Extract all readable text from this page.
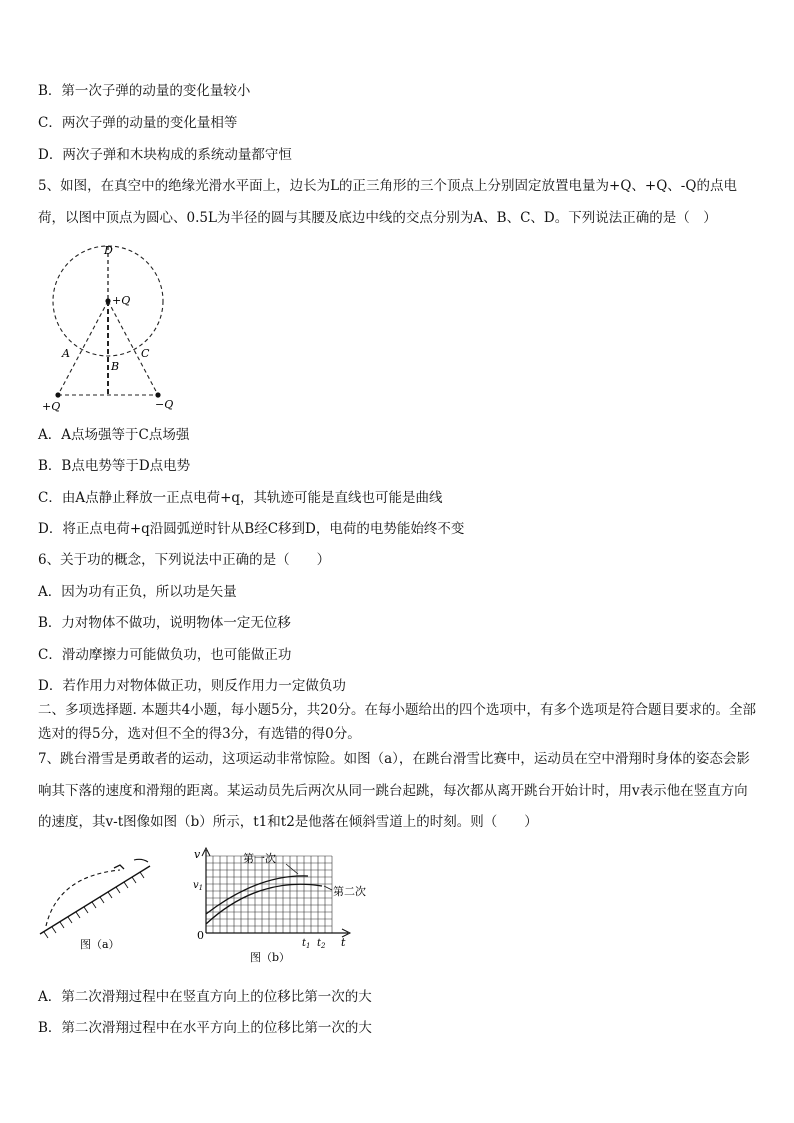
B．第一次子弹的动量的变化量较小
C．两次子弹的动量的变化量相等
D．两次子弹和木块构成的系统动量都守恒
5、如图，在真空中的绝缘光滑水平面上，边长为L的正三角形的三个顶点上分别固定放置电量为+Q、+Q、-Q的点电荷，以图中顶点为圆心、0.5L为半径的圆与其腰及底边中线的交点分别为A、B、C、D。下列说法正确的是（　）
D
+Q
A
B
C
+Q	−Q
A．A点场强等于C点场强
B．B点电势等于D点电势
C．由A点静止释放一正点电荷+q，其轨迹可能是直线也可能是曲线
D．将正点电荷+q沿圆弧逆时针从B经C移到D，电荷的电势能始终不变
6、关于功的概念，下列说法中正确的是（　　）
A．因为功有正负，所以功是矢量
B．力对物体不做功，说明物体一定无位移
C．滑动摩擦力可能做负功，也可能做正功
D．若作用力对物体做正功，则反作用力一定做负功
二、多项选择题. 本题共4小题，每小题5分，共20分。在每小题给出的四个选项中，有多个选项是符合题目要求的。全部选对的得5分，选对但不全的得3分，有选错的得0分。
7、跳台滑雪是勇敢者的运动，这项运动非常惊险。如图（a），在跳台滑雪比赛中，运动员在空中滑翔时身体的姿态会影响其下落的速度和滑翔的距离。某运动员先后两次从同一跳台起跳，每次都从离开跳台开始计时，用v表示他在竖直方向的速度，其v-t图像如图（b）所示，t1和t2是他落在倾斜雪道上的时刻。则（　　）
图（a）
第一次
第二次
v
$v_1$
0
$t_1$ $t_2$ t
图（b）
A．第二次滑翔过程中在竖直方向上的位移比第一次的大
B．第二次滑翔过程中在水平方向上的位移比第一次的大
